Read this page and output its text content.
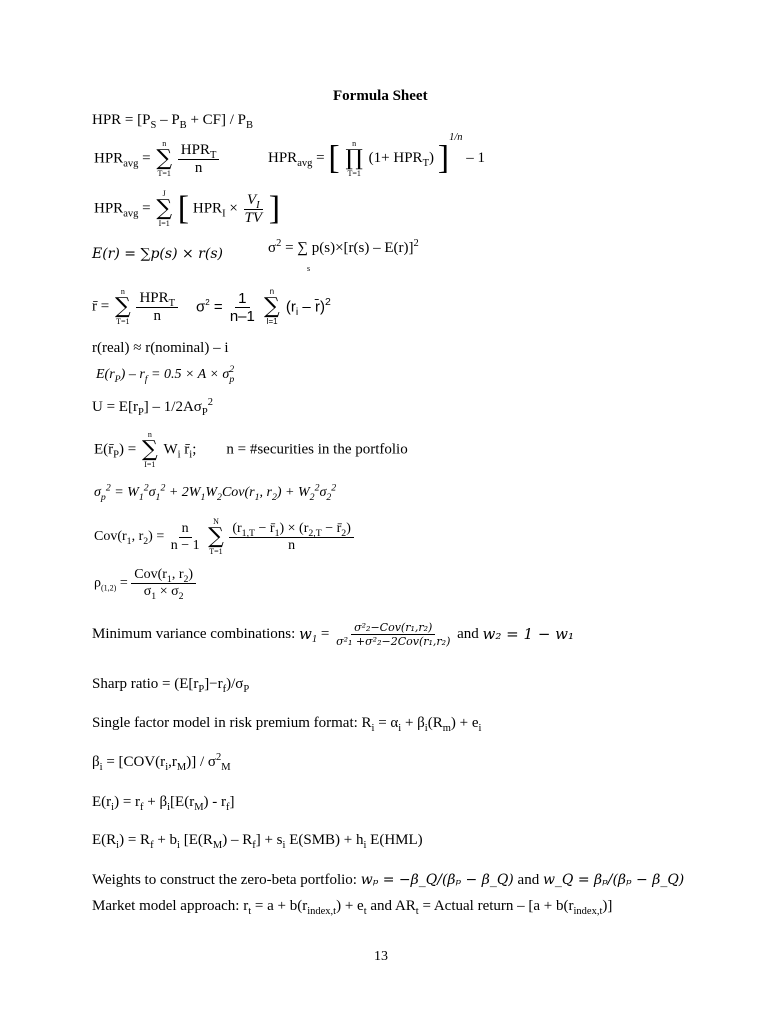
Formula Sheet
HPR = $[P_S - P_B + CF] / P_B$
$HPR_{avg}$ =
n
∑
T=1
$\frac{HPR_T}{n}$	$HPR_{avg}$ = [ n
∏
T=1
$(1+ HPR_T)$ ]$^{1/n}$ – 1
$HPR_{avg}$ =
J
∑
I=1 [ $HPR_I \times \frac{V_I}{TV}$ ]
E(r) = ∑p(s) × r(s)	$\sigma^2$ = ∑ p(s)×[r(s) – E(r)]$^2$
s
r̄ =
n
∑
T=1
$\frac{HPR_T}{n} \sigma^2 = \frac{1}{n-1}$
n
∑
I=1
($r_i$ – r̄)$^2$
r(real) ≈ r(nominal) – i
$E(r_P) - r_f = 0.5 \times A \times \sigma_p^2$
$U = E[r_P] - 1/2A\sigma_P^2$
$E(r̄_P)$ =
n
∑
I=1
$W_i$ $r̄_i$;        n = #securities in the portfolio
$\sigma_p^2 = W_1^2\sigma_1^2 + 2W_1W_2Cov(r_1$, $r_2) + W_2^2\sigma_2^2$
$Cov(r_1$, $r_2) = \frac{n}{n - 1}$
N
∑
T=1
$\frac{(r_{1,T} - r̄_1) \times (r_{2,T} - r̄_2)}{n}$
$\rho_{(1,2)} = \frac{Cov(r_1, r_2)}{\sigma_1 \times \sigma_2}$
Minimum variance combinations: $w_1 = \frac{\text{σ²₂−Cov(r₁,r₂)}}{\text{σ²₁ +σ²₂−2Cov(r₁,r₂)}}$ and w₂ = 1 − w₁
Sharp ratio = $(E[r_P]-r_f)/\sigma_P$
Single factor model in risk premium format: $R_i = \alpha_i + \beta_i(R_m) + e_i$
$\beta_i = [COV(r_i,r_M)] / \sigma^2_M$
$E(r_i) = r_f + \beta_i[E(r_M) - r_f]$
$E(R_i) = R_f + b_i$ $[E(R_M) - R_f] + s_i$ $E(SMB) + h_i$ E(HML)
Weights to construct the zero-beta portfolio: wₚ = −β_Q/(βₚ − β_Q) and w_Q = βₚ/(βₚ − β_Q)
Market model approach: $r_t = a + b(r_{index,t}) + e_t$ and $AR_t$ = Actual return – $[a + b(r_{index,t})]$
13
